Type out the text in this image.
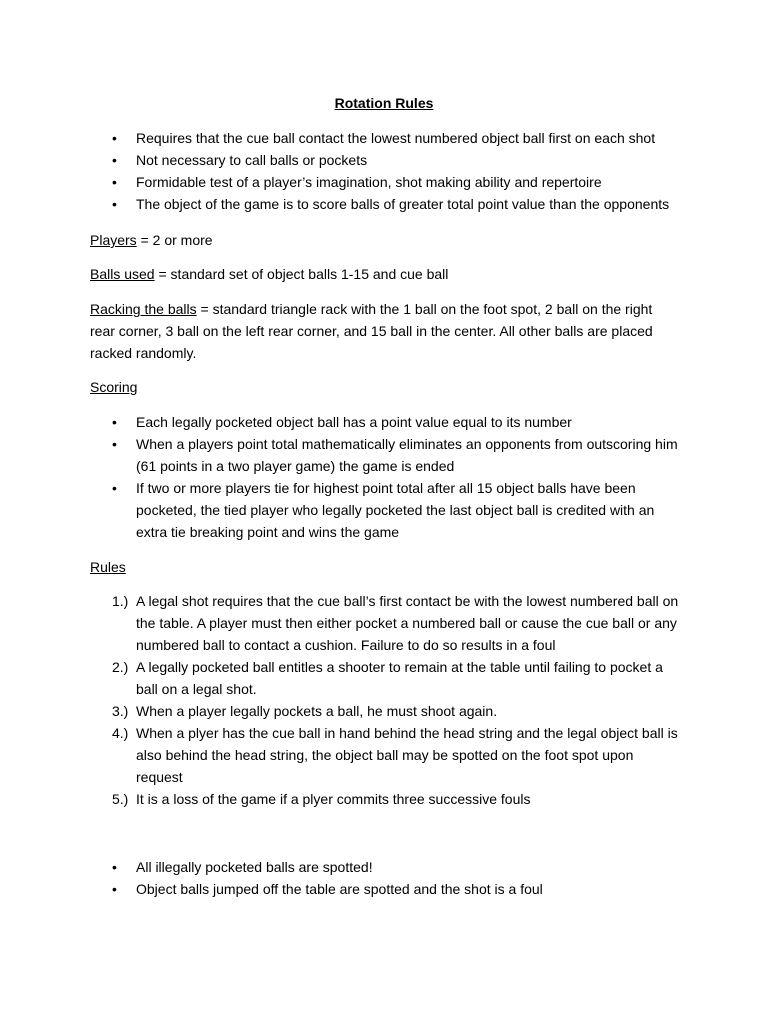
Rotation Rules
• Requires that the cue ball contact the lowest numbered object ball first on each shot
• Not necessary to call balls or pockets
• Formidable test of a player’s imagination, shot making ability and repertoire
• The object of the game is to score balls of greater total point value than the opponents
Players = 2 or more
Balls used = standard set of object balls 1-15 and cue ball
Racking the balls = standard triangle rack with the 1 ball on the foot spot, 2 ball on the right rear corner, 3 ball on the left rear corner, and 15 ball in the center. All other balls are placed racked randomly.
Scoring
• Each legally pocketed object ball has a point value equal to its number
• When a players point total mathematically eliminates an opponents from outscoring him (61 points in a two player game) the game is ended
• If two or more players tie for highest point total after all 15 object balls have been pocketed, the tied player who legally pocketed the last object ball is credited with an extra tie breaking point and wins the game
Rules
1.) A legal shot requires that the cue ball’s first contact be with the lowest numbered ball on the table. A player must then either pocket a numbered ball or cause the cue ball or any numbered ball to contact a cushion. Failure to do so results in a foul
2.) A legally pocketed ball entitles a shooter to remain at the table until failing to pocket a ball on a legal shot.
3.) When a player legally pockets a ball, he must shoot again.
4.) When a plyer has the cue ball in hand behind the head string and the legal object ball is also behind the head string, the object ball may be spotted on the foot spot upon request
5.) It is a loss of the game if a plyer commits three successive fouls
• All illegally pocketed balls are spotted!
• Object balls jumped off the table are spotted and the shot is a foul
